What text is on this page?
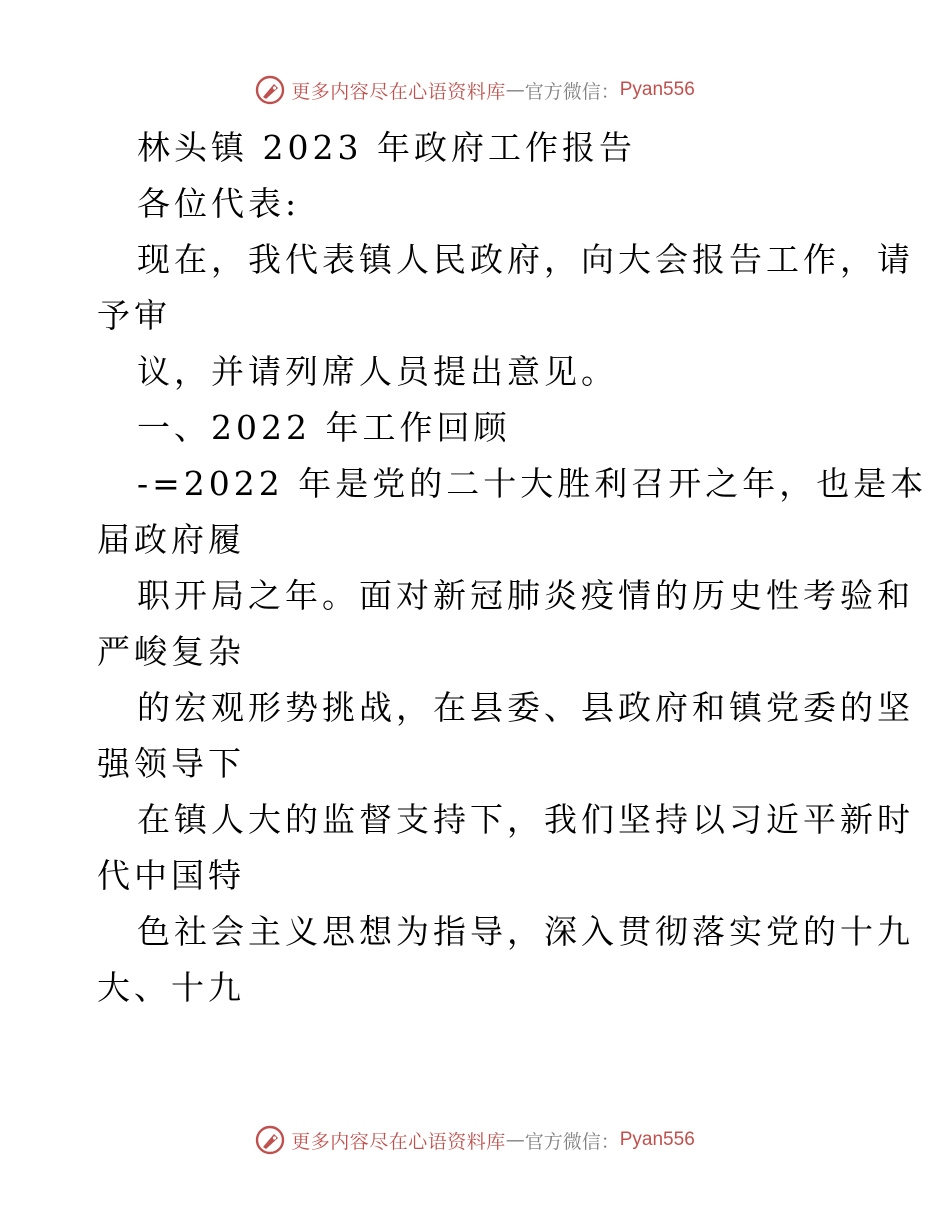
更多内容尽在心语资料库 — 官方微信： Pyan556
林头镇 2023 年政府工作报告
各位代表:
现在，我代表镇人民政府，向大会报告工作，请
予审
议，并请列席人员提出意见。
一、2022 年工作回顾
-=2022 年是党的二十大胜利召开之年，也是本
届政府履
职开局之年。面对新冠肺炎疫情的历史性考验和
严峻复杂
的宏观形势挑战，在县委、县政府和镇党委的坚
强领导下
在镇人大的监督支持下，我们坚持以习近平新时
代中国特
色社会主义思想为指导，深入贯彻落实党的十九
大、十九
更多内容尽在心语资料库 — 官方微信： Pyan556
